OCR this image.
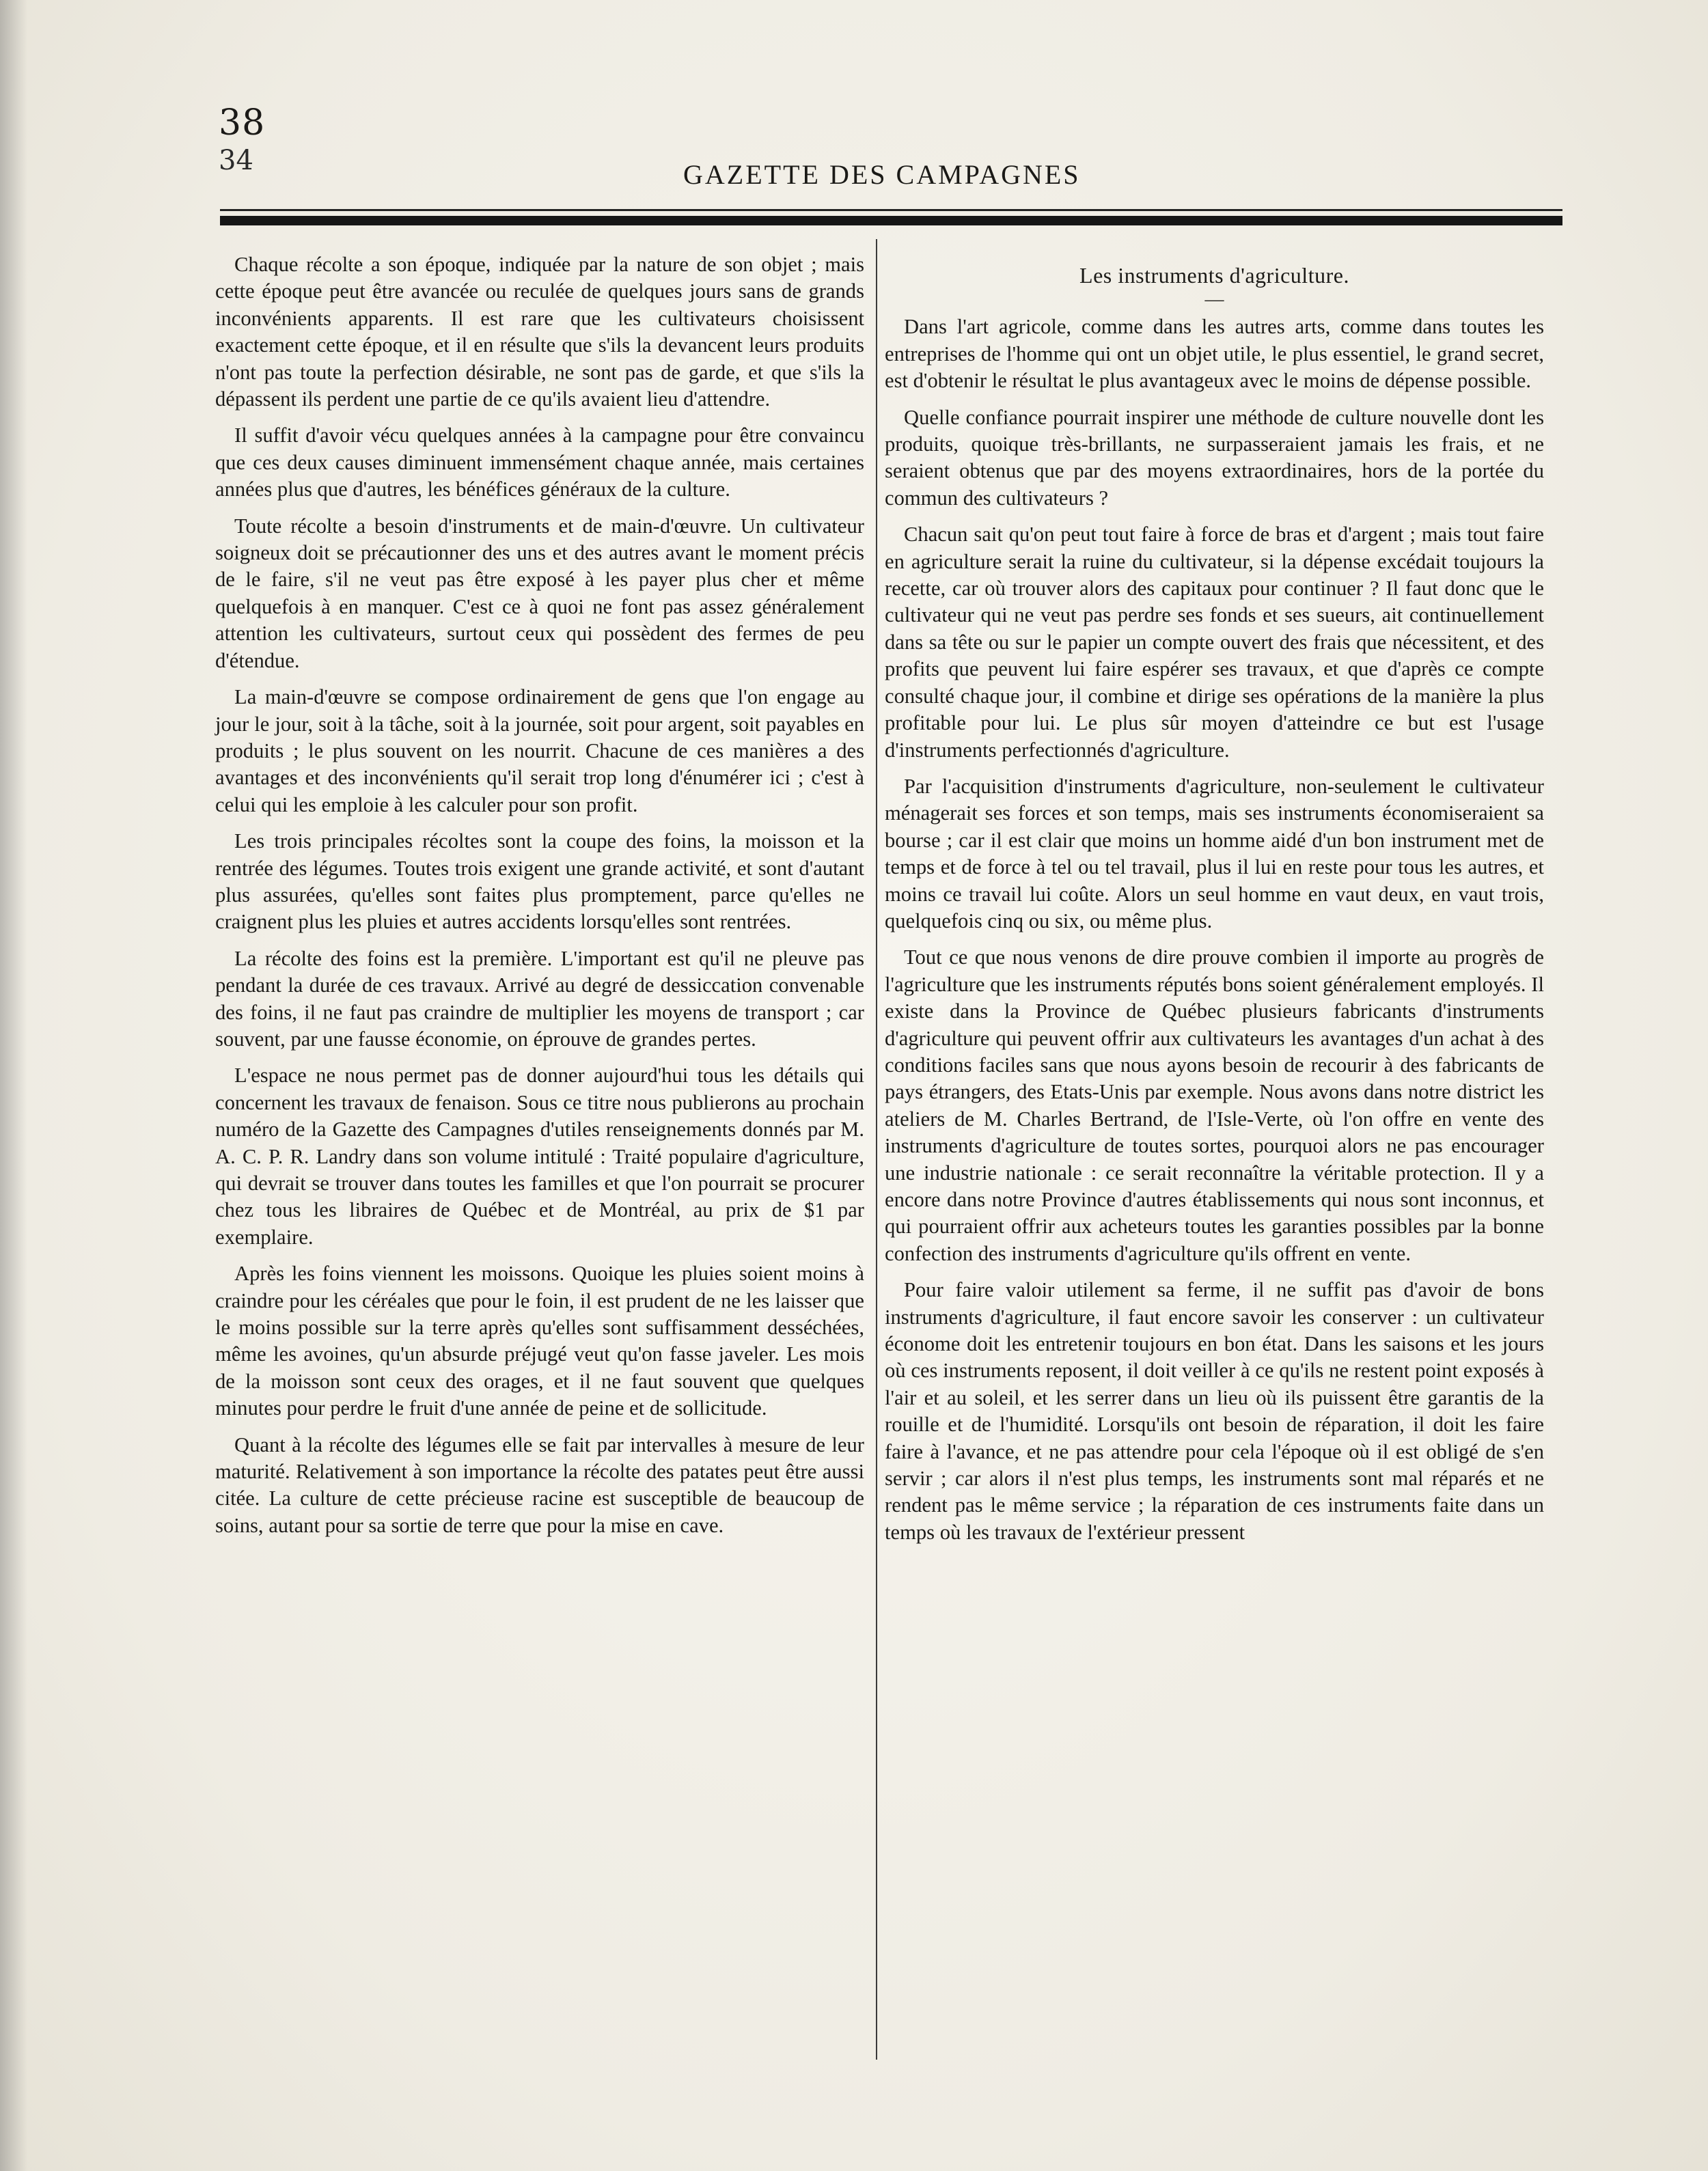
38
34	GAZETTE DES CAMPAGNES

Chaque récolte a son époque, indiquée par la nature de son objet ; mais cette époque peut être avancée ou reculée de quelques jours sans de grands inconvénients apparents. Il est rare que les cultivateurs choisissent exactement cette époque, et il en résulte que s'ils la devancent leurs produits n'ont pas toute la perfection désirable, ne sont pas de garde, et que s'ils la dépassent ils perdent une partie de ce qu'ils avaient lieu d'attendre.

Il suffit d'avoir vécu quelques années à la campagne pour être convaincu que ces deux causes diminuent immensément chaque année, mais certaines années plus que d'autres, les bénéfices généraux de la culture.

Toute récolte a besoin d'instruments et de main-d'œuvre. Un cultivateur soigneux doit se précautionner des uns et des autres avant le moment précis de le faire, s'il ne veut pas être exposé à les payer plus cher et même quelquefois à en manquer. C'est ce à quoi ne font pas assez généralement attention les cultivateurs, surtout ceux qui possèdent des fermes de peu d'étendue.

La main-d'œuvre se compose ordinairement de gens que l'on engage au jour le jour, soit à la tâche, soit à la journée, soit pour argent, soit payables en produits ; le plus souvent on les nourrit. Chacune de ces manières a des avantages et des inconvénients qu'il serait trop long d'énumérer ici ; c'est à celui qui les emploie à les calculer pour son profit.

Les trois principales récoltes sont la coupe des foins, la moisson et la rentrée des légumes. Toutes trois exigent une grande activité, et sont d'autant plus assurées, qu'elles sont faites plus promptement, parce qu'elles ne craignent plus les pluies et autres accidents lorsqu'elles sont rentrées.

La récolte des foins est la première. L'important est qu'il ne pleuve pas pendant la durée de ces travaux. Arrivé au degré de dessiccation convenable des foins, il ne faut pas craindre de multiplier les moyens de transport ; car souvent, par une fausse économie, on éprouve de grandes pertes.

L'espace ne nous permet pas de donner aujourd'hui tous les détails qui concernent les travaux de fenaison. Sous ce titre nous publierons au prochain numéro de la Gazette des Campagnes d'utiles renseignements donnés par M. A. C. P. R. Landry dans son volume intitulé : Traité populaire d'agriculture, qui devrait se trouver dans toutes les familles et que l'on pourrait se procurer chez tous les libraires de Québec et de Montréal, au prix de $1 par exemplaire.

Après les foins viennent les moissons. Quoique les pluies soient moins à craindre pour les céréales que pour le foin, il est prudent de ne les laisser que le moins possible sur la terre après qu'elles sont suffisamment desséchées, même les avoines, qu'un absurde préjugé veut qu'on fasse javeler. Les mois de la moisson sont ceux des orages, et il ne faut souvent que quelques minutes pour perdre le fruit d'une année de peine et de sollicitude.

Quant à la récolte des légumes elle se fait par intervalles à mesure de leur maturité. Relativement à son importance la récolte des patates peut être aussi citée. La culture de cette précieuse racine est susceptible de beaucoup de soins, autant pour sa sortie de terre que pour la mise en cave.

Les instruments d'agriculture.
—

Dans l'art agricole, comme dans les autres arts, comme dans toutes les entreprises de l'homme qui ont un objet utile, le plus essentiel, le grand secret, est d'obtenir le résultat le plus avantageux avec le moins de dépense possible.

Quelle confiance pourrait inspirer une méthode de culture nouvelle dont les produits, quoique très-brillants, ne surpasseraient jamais les frais, et ne seraient obtenus que par des moyens extraordinaires, hors de la portée du commun des cultivateurs ?

Chacun sait qu'on peut tout faire à force de bras et d'argent ; mais tout faire en agriculture serait la ruine du cultivateur, si la dépense excédait toujours la recette, car où trouver alors des capitaux pour continuer ? Il faut donc que le cultivateur qui ne veut pas perdre ses fonds et ses sueurs, ait continuellement dans sa tête ou sur le papier un compte ouvert des frais que nécessitent, et des profits que peuvent lui faire espérer ses travaux, et que d'après ce compte consulté chaque jour, il combine et dirige ses opérations de la manière la plus profitable pour lui. Le plus sûr moyen d'atteindre ce but est l'usage d'instruments perfectionnés d'agriculture.

Par l'acquisition d'instruments d'agriculture, non-seulement le cultivateur ménagerait ses forces et son temps, mais ses instruments économiseraient sa bourse ; car il est clair que moins un homme aidé d'un bon instrument met de temps et de force à tel ou tel travail, plus il lui en reste pour tous les autres, et moins ce travail lui coûte. Alors un seul homme en vaut deux, en vaut trois, quelquefois cinq ou six, ou même plus.

Tout ce que nous venons de dire prouve combien il importe au progrès de l'agriculture que les instruments réputés bons soient généralement employés. Il existe dans la Province de Québec plusieurs fabricants d'instruments d'agriculture qui peuvent offrir aux cultivateurs les avantages d'un achat à des conditions faciles sans que nous ayons besoin de recourir à des fabricants de pays étrangers, des Etats-Unis par exemple. Nous avons dans notre district les ateliers de M. Charles Bertrand, de l'Isle-Verte, où l'on offre en vente des instruments d'agriculture de toutes sortes, pourquoi alors ne pas encourager une industrie nationale : ce serait reconnaître la véritable protection. Il y a encore dans notre Province d'autres établissements qui nous sont inconnus, et qui pourraient offrir aux acheteurs toutes les garanties possibles par la bonne confection des instruments d'agriculture qu'ils offrent en vente.

Pour faire valoir utilement sa ferme, il ne suffit pas d'avoir de bons instruments d'agriculture, il faut encore savoir les conserver : un cultivateur économe doit les entretenir toujours en bon état. Dans les saisons et les jours où ces instruments reposent, il doit veiller à ce qu'ils ne restent point exposés à l'air et au soleil, et les serrer dans un lieu où ils puissent être garantis de la rouille et de l'humidité. Lorsqu'ils ont besoin de réparation, il doit les faire faire à l'avance, et ne pas attendre pour cela l'époque où il est obligé de s'en servir ; car alors il n'est plus temps, les instruments sont mal réparés et ne rendent pas le même service ; la réparation de ces instruments faite dans un temps où les travaux de l'extérieur pressent
